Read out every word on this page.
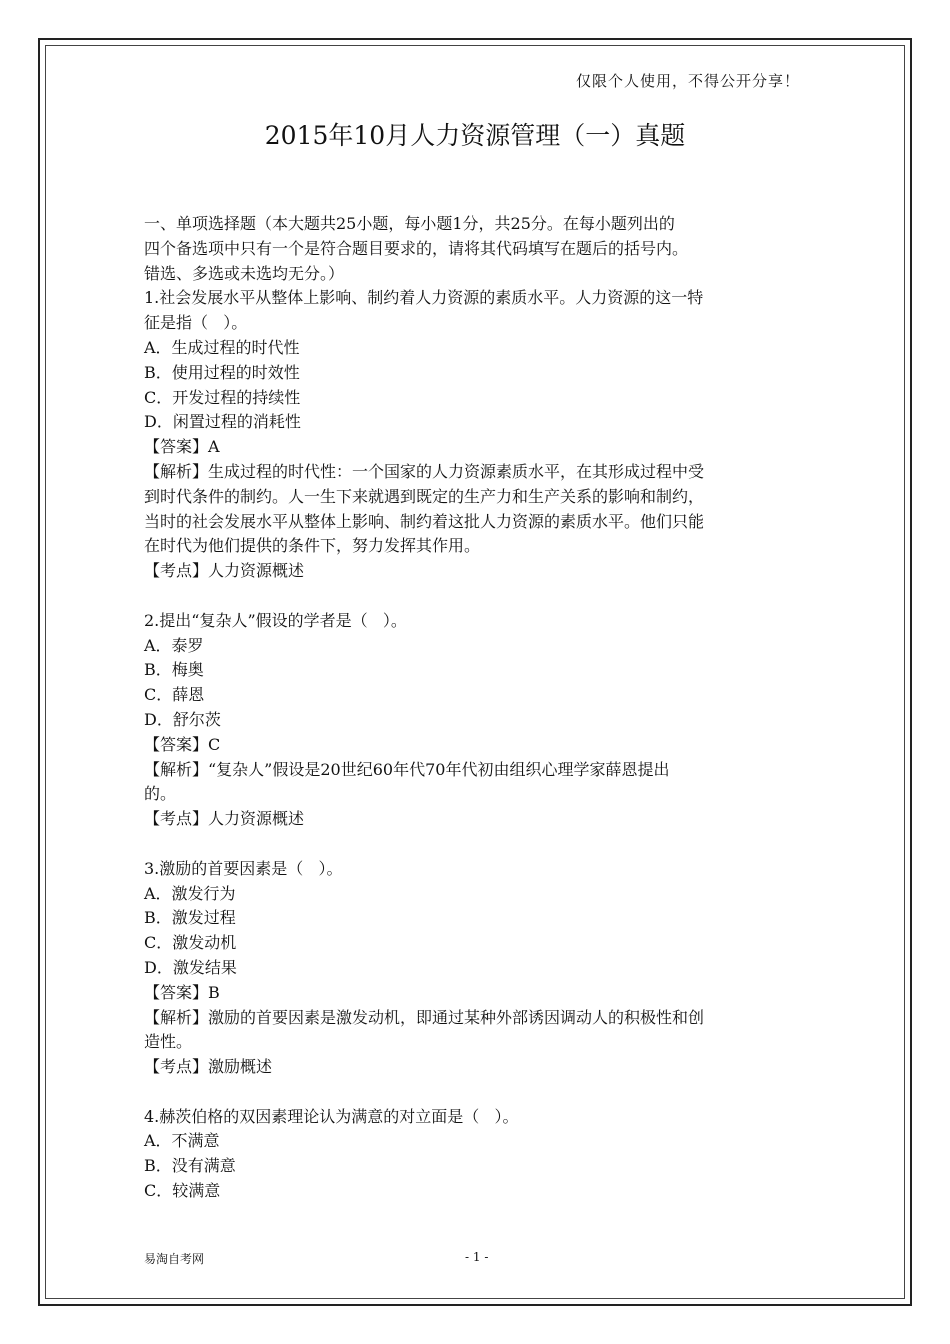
仅限个人使用，不得公开分享！
2015年10月人力资源管理（一）真题
一、单项选择题（本大题共25小题，每小题1分，共25分。在每小题列出的
四个备选项中只有一个是符合题目要求的，请将其代码填写在题后的括号内。
错选、多选或未选均无分。）
1.社会发展水平从整体上影响、制约着人力资源的素质水平。人力资源的这一特
征是指（   ）。
A．生成过程的时代性
B．使用过程的时效性
C．开发过程的持续性
D．闲置过程的消耗性
【答案】A
【解析】生成过程的时代性：一个国家的人力资源素质水平，在其形成过程中受
到时代条件的制约。人一生下来就遇到既定的生产力和生产关系的影响和制约，
当时的社会发展水平从整体上影响、制约着这批人力资源的素质水平。他们只能
在时代为他们提供的条件下，努力发挥其作用。
【考点】人力资源概述
2.提出“复杂人”假设的学者是（   ）。
A．泰罗
B．梅奥
C．薛恩
D．舒尔茨
【答案】C
【解析】“复杂人”假设是20世纪60年代70年代初由组织心理学家薛恩提出
的。
【考点】人力资源概述
3.激励的首要因素是（   ）。
A．激发行为
B．激发过程
C．激发动机
D．激发结果
【答案】B
【解析】激励的首要因素是激发动机，即通过某种外部诱因调动人的积极性和创
造性。
【考点】激励概述
4.赫茨伯格的双因素理论认为满意的对立面是（   ）。
A．不满意
B．没有满意
C．较满意
易淘自考网	- 1 -
